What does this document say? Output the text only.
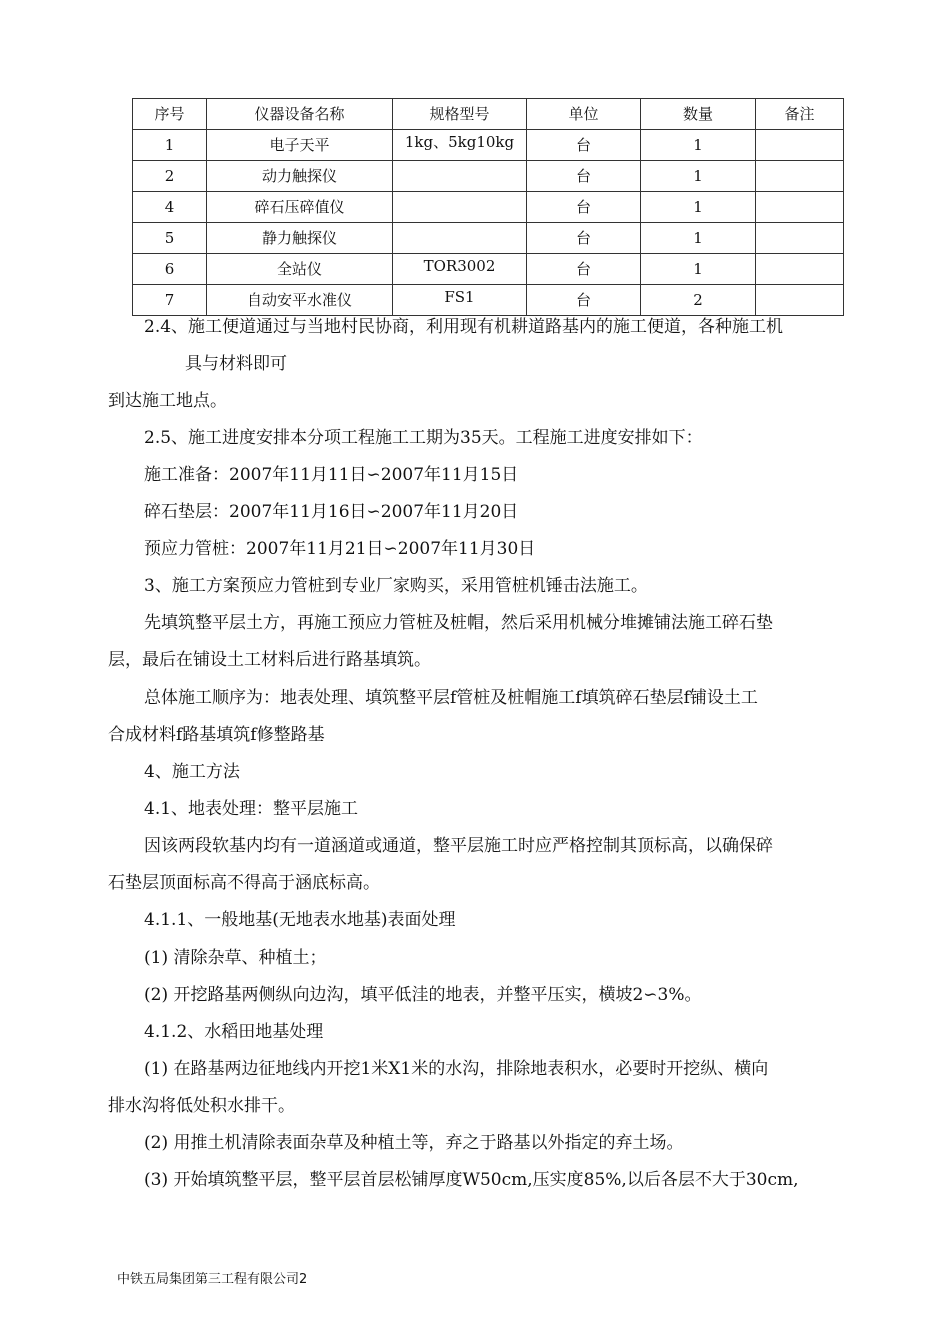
序号	仪器设备名称	规格型号	单位	数量	备注
1	电子天平	1kg、5kg10kg	台	1	
2	动力触探仪		台	1	
4	碎石压碎值仪		台	1	
5	静力触探仪		台	1	
6	全站仪	TOR3002	台	1	
7	自动安平水准仪	FS1	台	2	
2.4、施工便道通过与当地村民协商，利用现有机耕道路基内的施工便道，各种施工机
具与材料即可
到达施工地点。
2.5、施工进度安排本分项工程施工工期为35天。工程施工进度安排如下：
施工准备：2007年11月11日∽2007年11月15日
碎石垫层：2007年11月16日∽2007年11月20日
预应力管桩：2007年11月21日∽2007年11月30日
3、施工方案预应力管桩到专业厂家购买，采用管桩机锤击法施工。
先填筑整平层土方，再施工预应力管桩及桩帽，然后采用机械分堆摊铺法施工碎石垫
层，最后在铺设土工材料后进行路基填筑。
总体施工顺序为：地表处理、填筑整平层f管桩及桩帽施工f填筑碎石垫层f铺设土工
合成材料f路基填筑f修整路基
4、施工方法
4.1、地表处理：整平层施工
因该两段软基内均有一道涵道或通道，整平层施工时应严格控制其顶标高，以确保碎
石垫层顶面标高不得高于涵底标高。
4.1.1、一般地基(无地表水地基)表面处理
(1) 清除杂草、种植土；
(2) 开挖路基两侧纵向边沟，填平低洼的地表，并整平压实，横坡2∽3%。
4.1.2、水稻田地基处理
(1) 在路基两边征地线内开挖1米X1米的水沟，排除地表积水，必要时开挖纵、横向
排水沟将低处积水排干。
(2) 用推土机清除表面杂草及种植土等，弃之于路基以外指定的弃土场。
(3) 开始填筑整平层，整平层首层松铺厚度W50cm,压实度85%,以后各层不大于30cm,
中铁五局集团第三工程有限公司2
